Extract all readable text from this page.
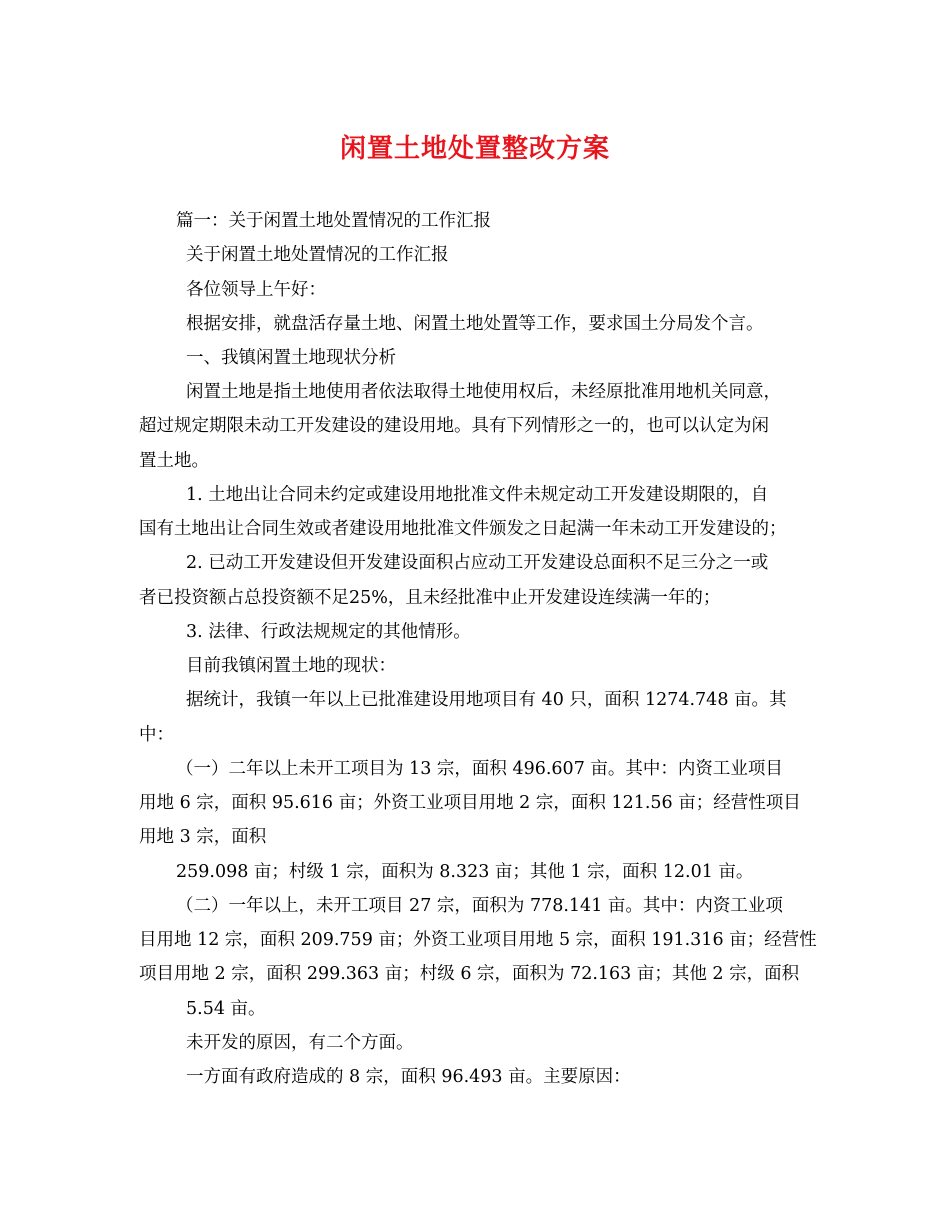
闲置土地处置整改方案
篇一：关于闲置土地处置情况的工作汇报
关于闲置土地处置情况的工作汇报
各位领导上午好：
根据安排，就盘活存量土地、闲置土地处置等工作，要求国土分局发个言。
一、我镇闲置土地现状分析
闲置土地是指土地使用者依法取得土地使用权后，未经原批准用地机关同意，
超过规定期限未动工开发建设的建设用地。具有下列情形之一的，也可以认定为闲
置土地。
1. 土地出让合同未约定或建设用地批准文件未规定动工开发建设期限的，自
国有土地出让合同生效或者建设用地批准文件颁发之日起满一年未动工开发建设的；
2. 已动工开发建设但开发建设面积占应动工开发建设总面积不足三分之一或
者已投资额占总投资额不足25%，且未经批准中止开发建设连续满一年的；
3. 法律、行政法规规定的其他情形。
目前我镇闲置土地的现状：
据统计，我镇一年以上已批准建设用地项目有 40 只，面积 1274.748 亩。其
中：
（一）二年以上未开工项目为 13 宗，面积 496.607 亩。其中：内资工业项目
用地 6 宗，面积 95.616 亩；外资工业项目用地 2 宗，面积 121.56 亩；经营性项目
用地 3 宗，面积
259.098 亩；村级 1 宗，面积为 8.323 亩；其他 1 宗，面积 12.01 亩。
（二）一年以上，未开工项目 27 宗，面积为 778.141 亩。其中：内资工业项
目用地 12 宗，面积 209.759 亩；外资工业项目用地 5 宗，面积 191.316 亩；经营性
项目用地 2 宗，面积 299.363 亩；村级 6 宗，面积为 72.163 亩；其他 2 宗，面积
5.54 亩。
未开发的原因，有二个方面。
一方面有政府造成的 8 宗，面积 96.493 亩。主要原因：
